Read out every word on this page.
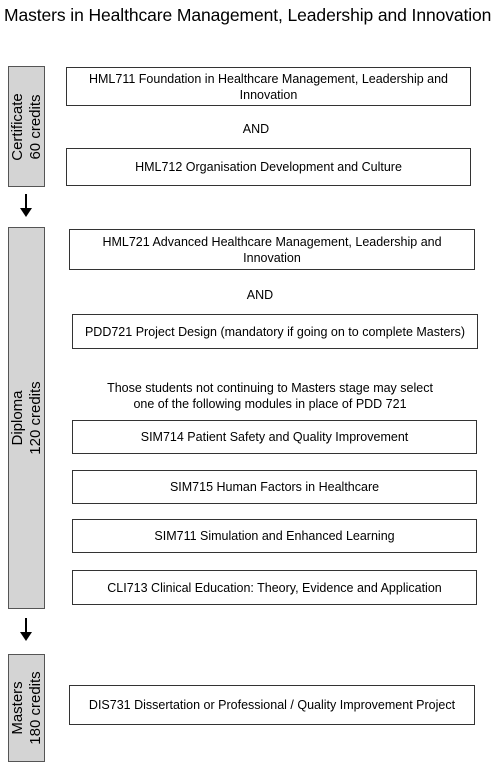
Masters in Healthcare Management, Leadership and Innovation
Certificate 60 credits
HML711 Foundation in Healthcare Management, Leadership and Innovation
AND
HML712 Organisation Development and Culture
Diploma 120 credits
HML721 Advanced Healthcare Management, Leadership and Innovation
AND
PDD721 Project Design (mandatory if going on to complete Masters)
Those students not continuing to Masters stage may select
one of the following modules in place of PDD 721
SIM714 Patient Safety and Quality Improvement
SIM715 Human Factors in Healthcare
SIM711 Simulation and Enhanced Learning
CLI713 Clinical Education: Theory, Evidence and Application
Masters 180 credits	DIS731 Dissertation or Professional / Quality Improvement Project
